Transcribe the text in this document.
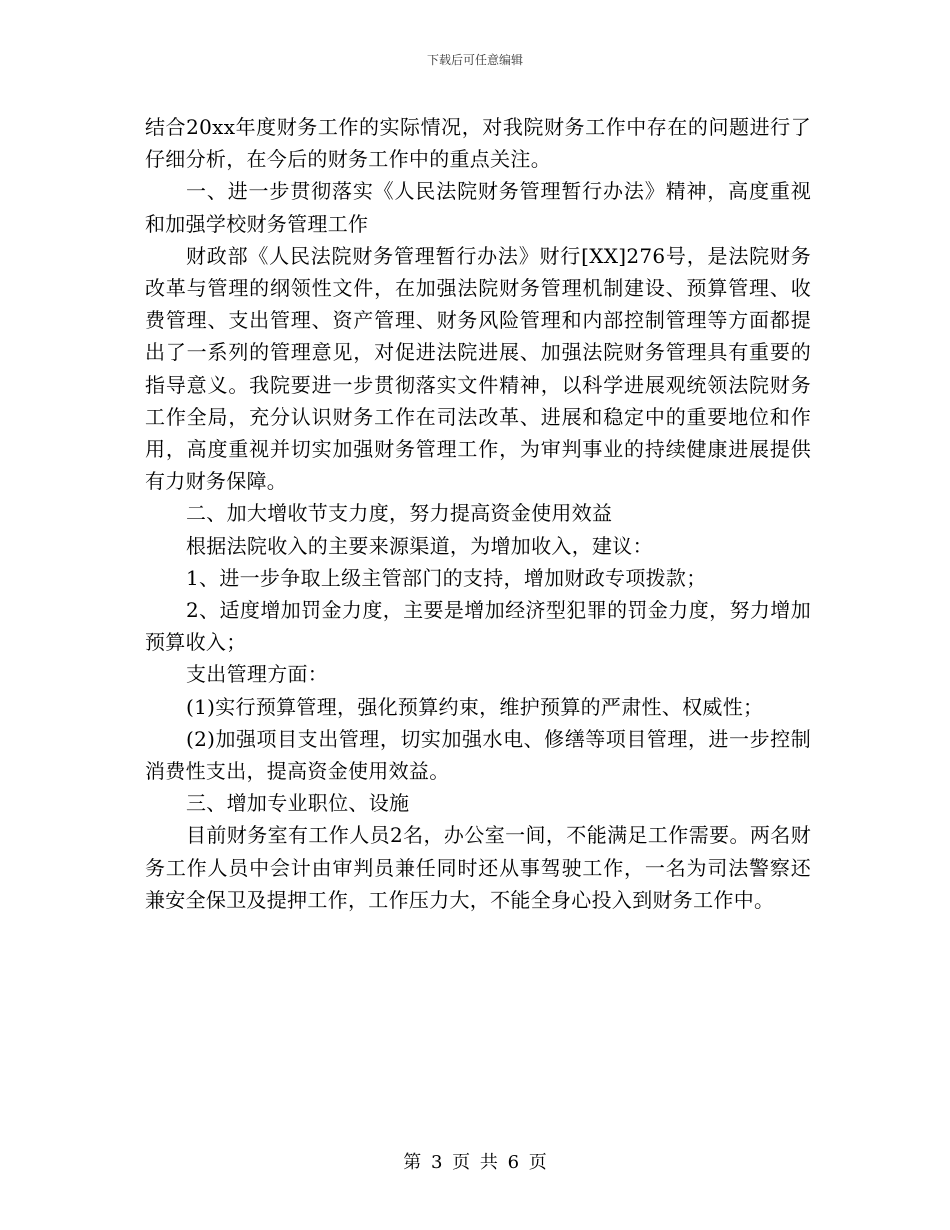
下载后可任意编辑

结合20xx年度财务工作的实际情况，对我院财务工作中存在的问题进行了仔细分析，在今后的财务工作中的重点关注。

一、进一步贯彻落实《人民法院财务管理暂行办法》精神，高度重视和加强学校财务管理工作

财政部《人民法院财务管理暂行办法》财行[XX]276号，是法院财务改革与管理的纲领性文件，在加强法院财务管理机制建设、预算管理、收费管理、支出管理、资产管理、财务风险管理和内部控制管理等方面都提出了一系列的管理意见，对促进法院进展、加强法院财务管理具有重要的指导意义。我院要进一步贯彻落实文件精神，以科学进展观统领法院财务工作全局，充分认识财务工作在司法改革、进展和稳定中的重要地位和作用，高度重视并切实加强财务管理工作，为审判事业的持续健康进展提供有力财务保障。

二、加大增收节支力度，努力提高资金使用效益

根据法院收入的主要来源渠道，为增加收入，建议：

1、进一步争取上级主管部门的支持，增加财政专项拨款；

2、适度增加罚金力度，主要是增加经济型犯罪的罚金力度，努力增加预算收入；

支出管理方面：

(1)实行预算管理，强化预算约束，维护预算的严肃性、权威性；

(2)加强项目支出管理，切实加强水电、修缮等项目管理，进一步控制消费性支出，提高资金使用效益。

三、增加专业职位、设施

目前财务室有工作人员2名，办公室一间，不能满足工作需要。两名财务工作人员中会计由审判员兼任同时还从事驾驶工作，一名为司法警察还兼安全保卫及提押工作，工作压力大，不能全身心投入到财务工作中。

第 3 页 共 6 页
